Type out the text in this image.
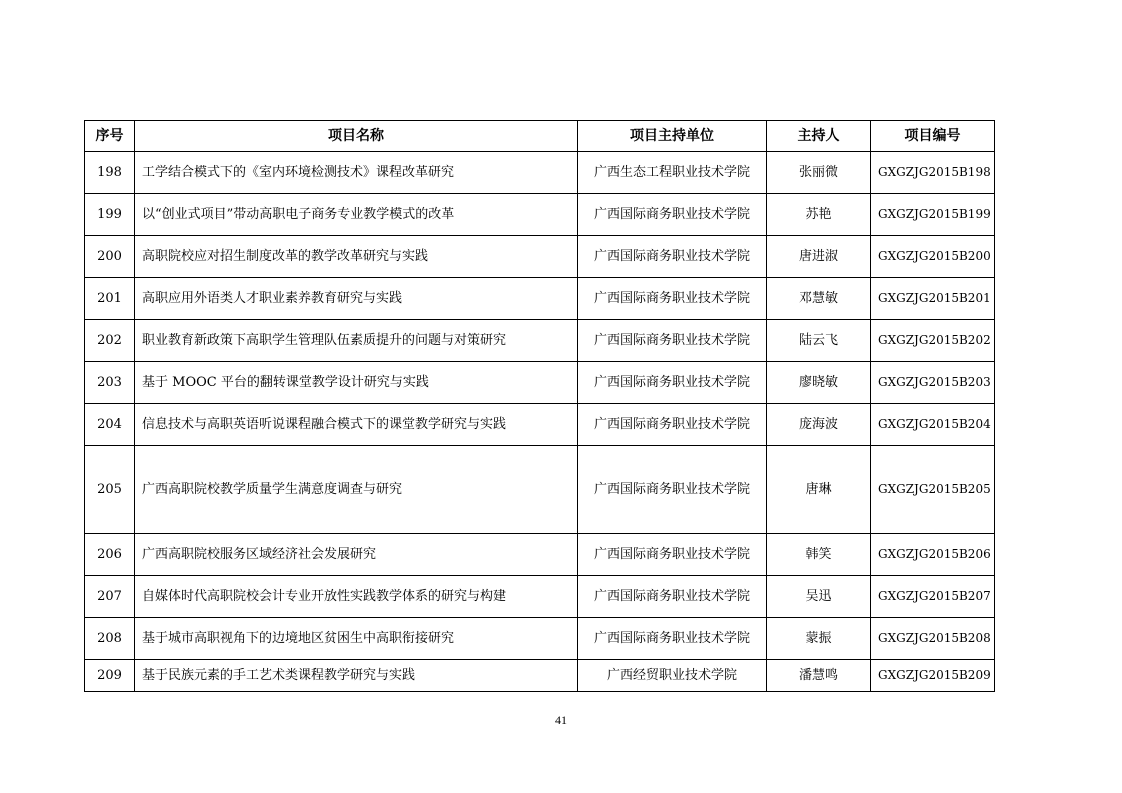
序号	项目名称	项目主持单位	主持人	项目编号
198	工学结合模式下的《室内环境检测技术》课程改革研究	广西生态工程职业技术学院	张丽微	GXGZJG2015B198
199	以“创业式项目”带动高职电子商务专业教学模式的改革	广西国际商务职业技术学院	苏艳	GXGZJG2015B199
200	高职院校应对招生制度改革的教学改革研究与实践	广西国际商务职业技术学院	唐进淑	GXGZJG2015B200
201	高职应用外语类人才职业素养教育研究与实践	广西国际商务职业技术学院	邓慧敏	GXGZJG2015B201
202	职业教育新政策下高职学生管理队伍素质提升的问题与对策研究	广西国际商务职业技术学院	陆云飞	GXGZJG2015B202
203	基于 MOOC 平台的翻转课堂教学设计研究与实践	广西国际商务职业技术学院	廖晓敏	GXGZJG2015B203
204	信息技术与高职英语听说课程融合模式下的课堂教学研究与实践	广西国际商务职业技术学院	庞海波	GXGZJG2015B204
205	广西高职院校教学质量学生满意度调查与研究	广西国际商务职业技术学院	唐琳	GXGZJG2015B205
206	广西高职院校服务区域经济社会发展研究	广西国际商务职业技术学院	韩笑	GXGZJG2015B206
207	自媒体时代高职院校会计专业开放性实践教学体系的研究与构建	广西国际商务职业技术学院	吴迅	GXGZJG2015B207
208	基于城市高职视角下的边境地区贫困生中高职衔接研究	广西国际商务职业技术学院	蒙振	GXGZJG2015B208
209	基于民族元素的手工艺术类课程教学研究与实践	广西经贸职业技术学院	潘慧鸣	GXGZJG2015B209
41
